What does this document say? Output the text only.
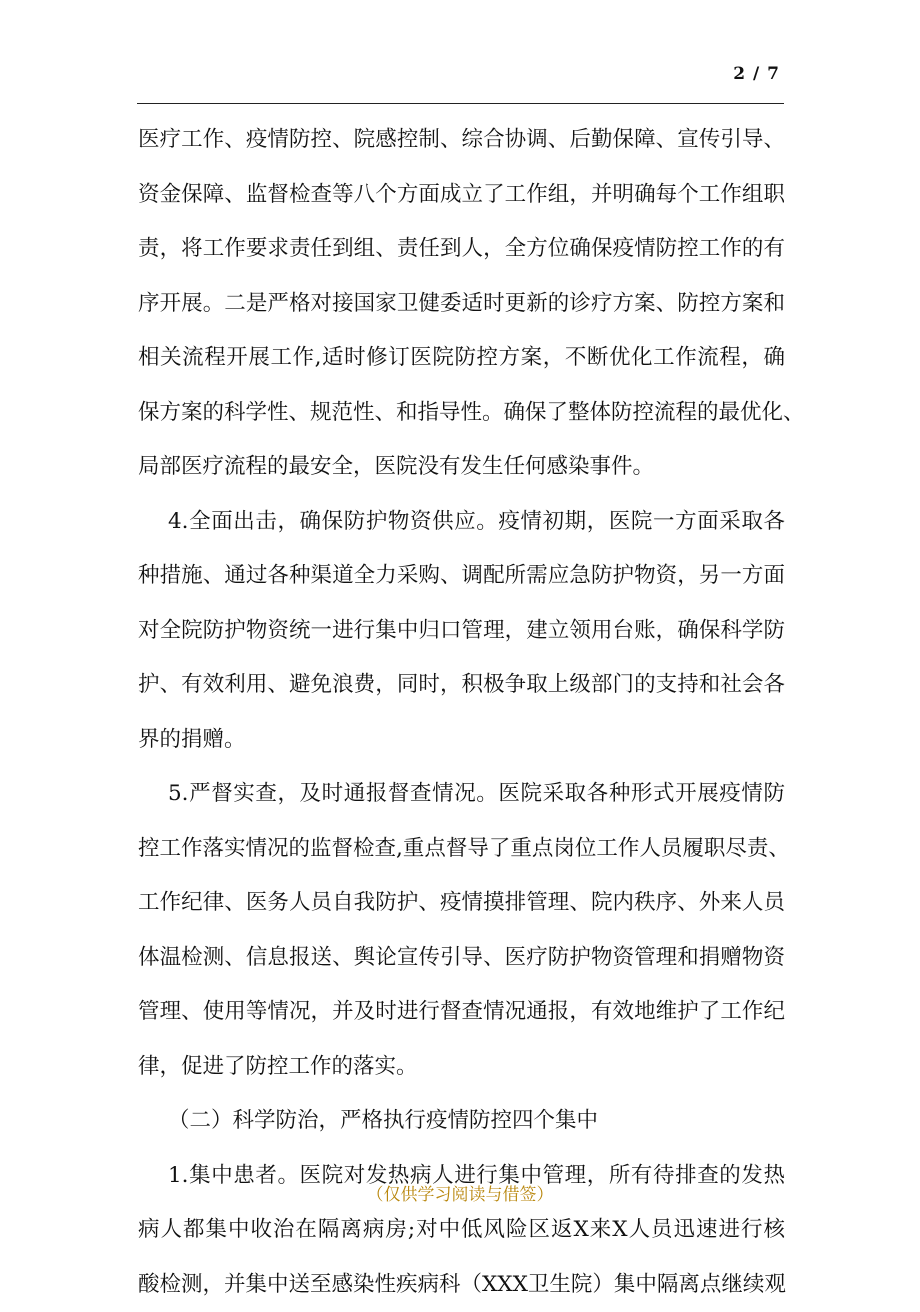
2 / 7
医疗工作、疫情防控、院感控制、综合协调、后勤保障、宣传引导、
资金保障、监督检查等八个方面成立了工作组，并明确每个工作组职
责，将工作要求责任到组、责任到人，全方位确保疫情防控工作的有
序开展。二是严格对接国家卫健委适时更新的诊疗方案、防控方案和
相关流程开展工作,适时修订医院防控方案，不断优化工作流程，确
保方案的科学性、规范性、和指导性。确保了整体防控流程的最优化、
局部医疗流程的最安全，医院没有发生任何感染事件。
4.全面出击，确保防护物资供应。疫情初期，医院一方面采取各
种措施、通过各种渠道全力采购、调配所需应急防护物资，另一方面
对全院防护物资统一进行集中归口管理，建立领用台账，确保科学防
护、有效利用、避免浪费，同时，积极争取上级部门的支持和社会各
界的捐赠。
5.严督实查，及时通报督查情况。医院采取各种形式开展疫情防
控工作落实情况的监督检查,重点督导了重点岗位工作人员履职尽责、
工作纪律、医务人员自我防护、疫情摸排管理、院内秩序、外来人员
体温检测、信息报送、舆论宣传引导、医疗防护物资管理和捐赠物资
管理、使用等情况，并及时进行督查情况通报，有效地维护了工作纪
律，促进了防控工作的落实。
（二）科学防治，严格执行疫情防控四个集中
1.集中患者。医院对发热病人进行集中管理，所有待排查的发热
病人都集中收治在隔离病房;对中低风险区返X来X人员迅速进行核
酸检测，并集中送至感染性疾病科（XXX卫生院）集中隔离点继续观
（仅供学习阅读与借签）
